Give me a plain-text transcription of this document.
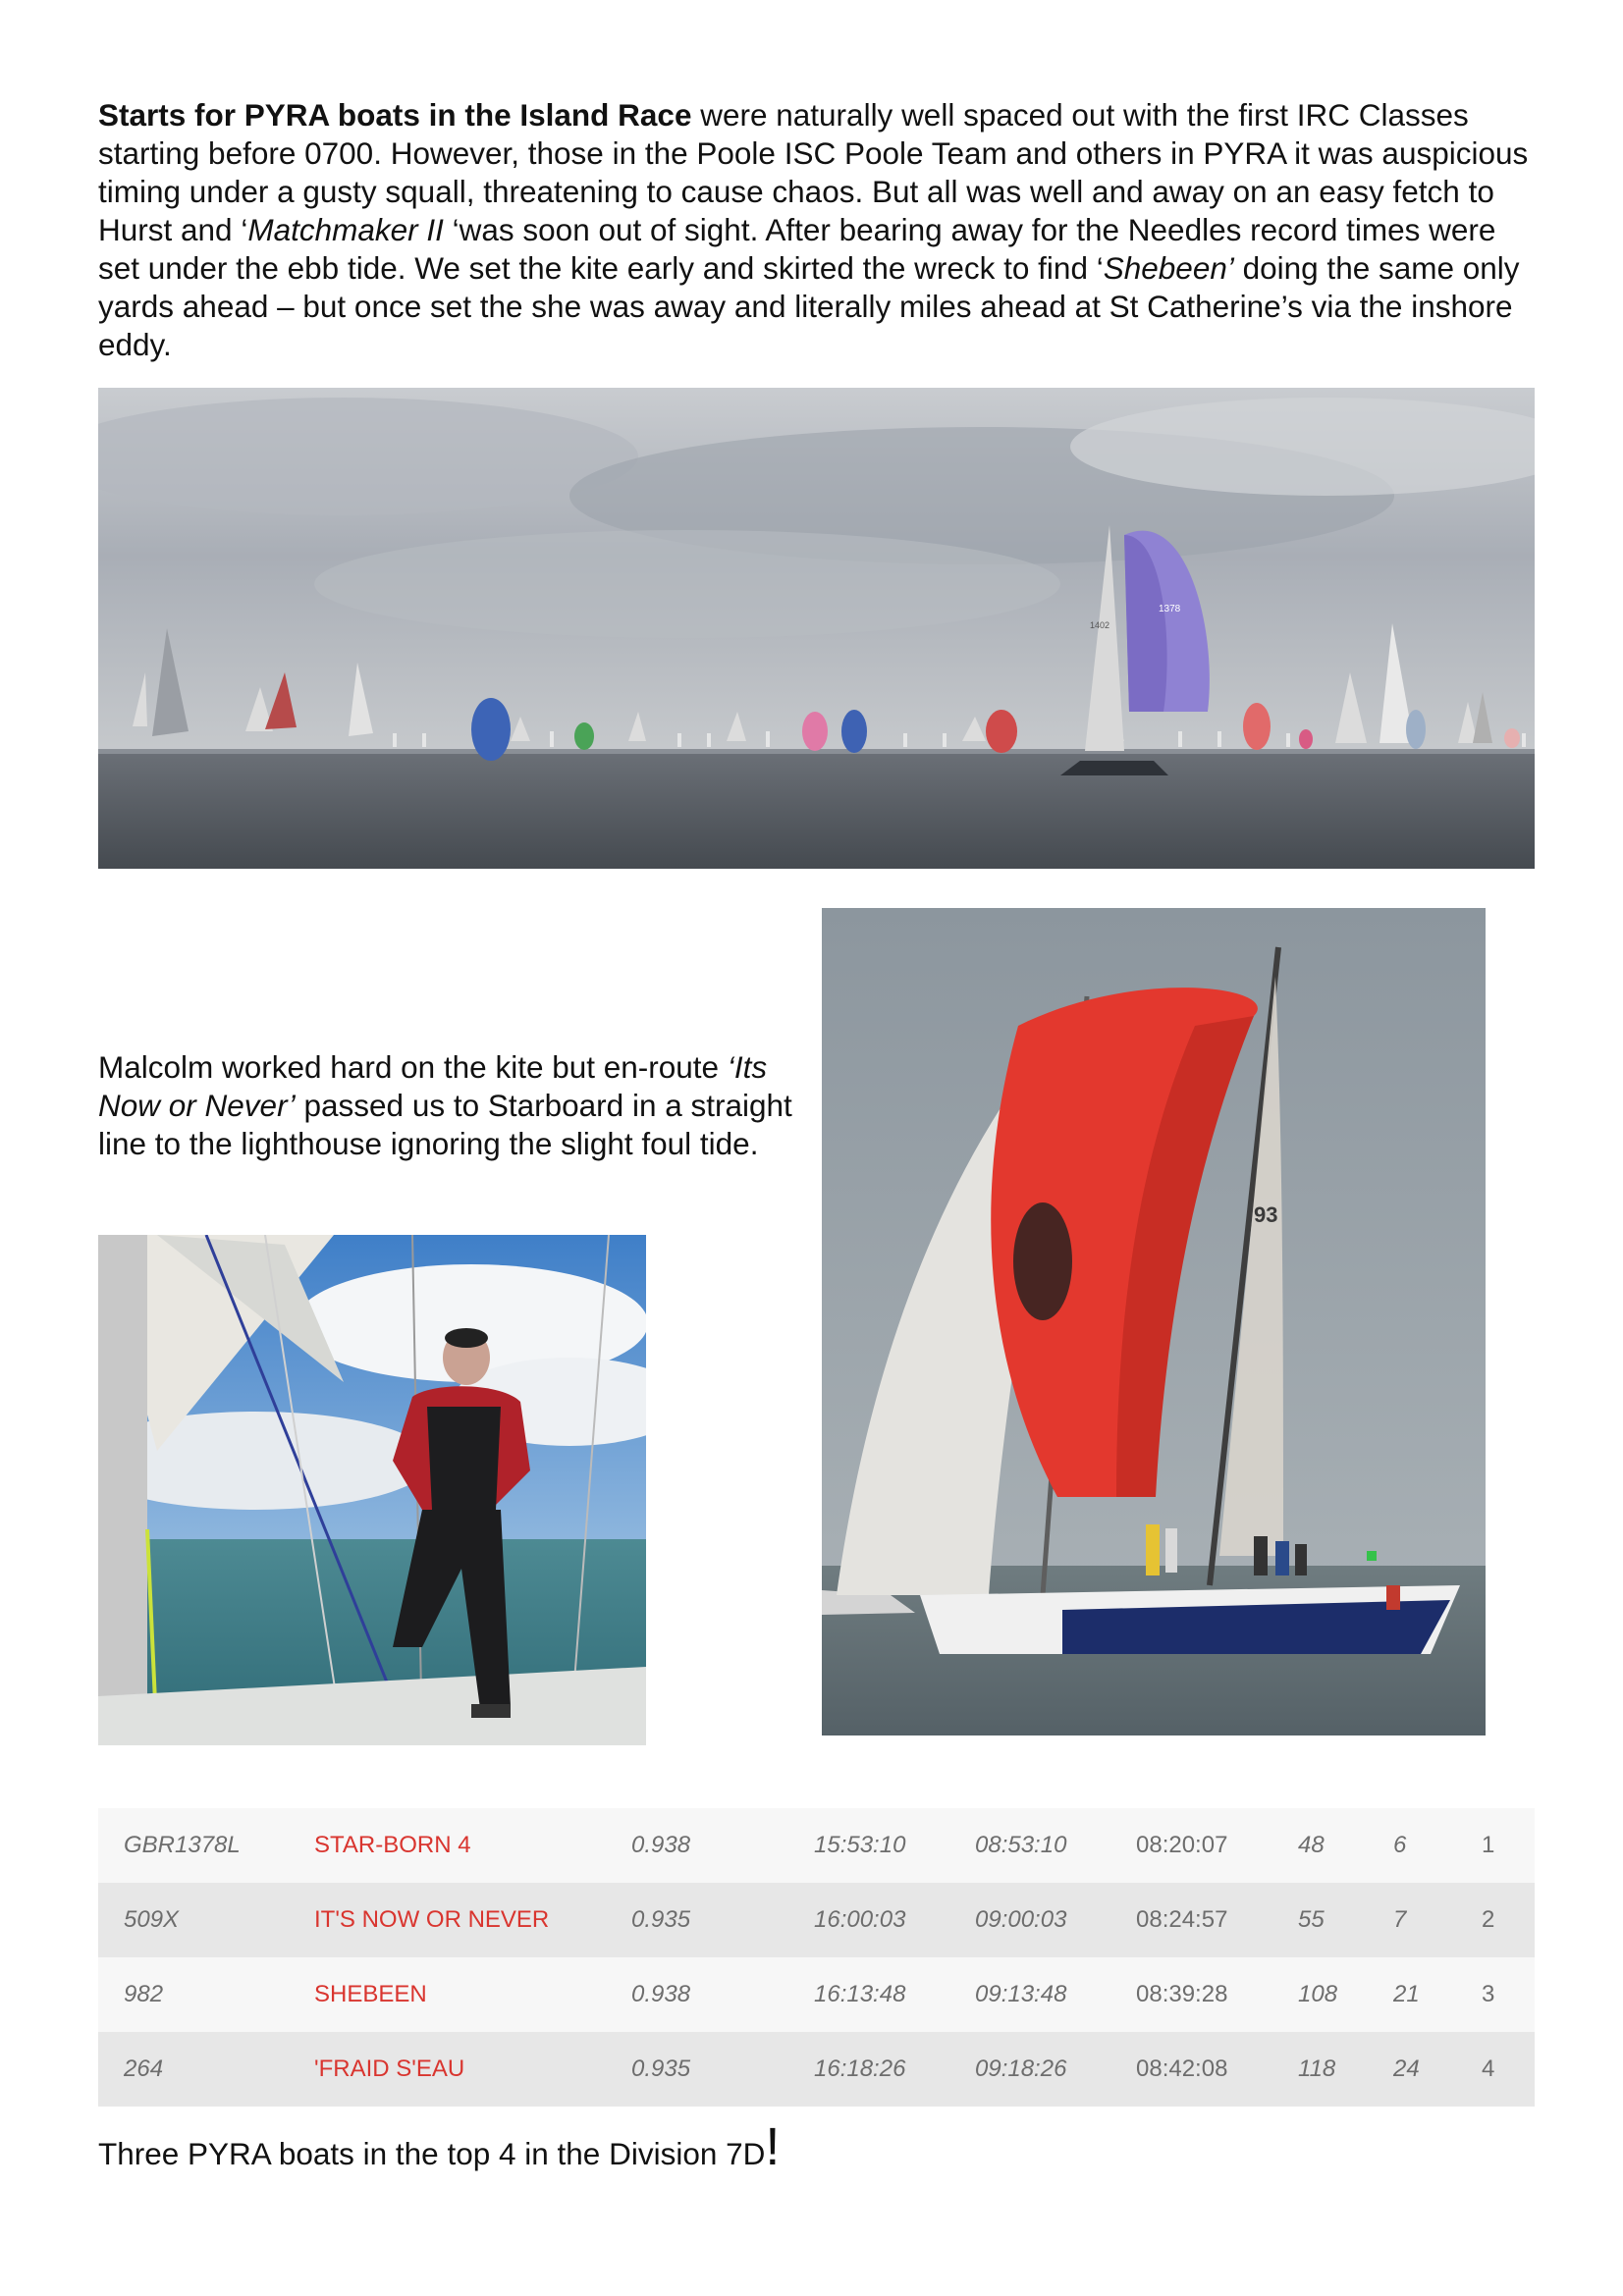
Starts for PYRA boats in the Island Race were naturally well spaced out with the first IRC Classes starting before 0700. However, those in the Poole ISC Poole Team and others in PYRA it was auspicious timing under a gusty squall, threatening to cause chaos. But all was well and away on an easy fetch to Hurst and ‘Matchmaker II ‘was soon out of sight. After bearing away for the Needles record times were set under the ebb tide. We set the kite early and skirted the wreck to find ‘Shebeen’ doing the same only yards ahead – but once set the she was away and literally miles ahead at St Catherine’s via the inshore eddy.

1378
1402

Malcolm worked hard on the kite but en-route ‘Its Now or Never’ passed us to Starboard in a straight line to the lighthouse ignoring the slight foul tide.

93
GBR1378L	STAR-BORN 4	0.938	15:53:10	08:53:10	08:20:07	48	6	1
509X	IT'S NOW OR NEVER	0.935	16:00:03	09:00:03	08:24:57	55	7	2
982	SHEBEEN	0.938	16:13:48	09:13:48	08:39:28	108	21	3
264	'FRAID S'EAU	0.935	16:18:26	09:18:26	08:42:08	118	24	4

Three PYRA boats in the top 4 in the Division 7D!
